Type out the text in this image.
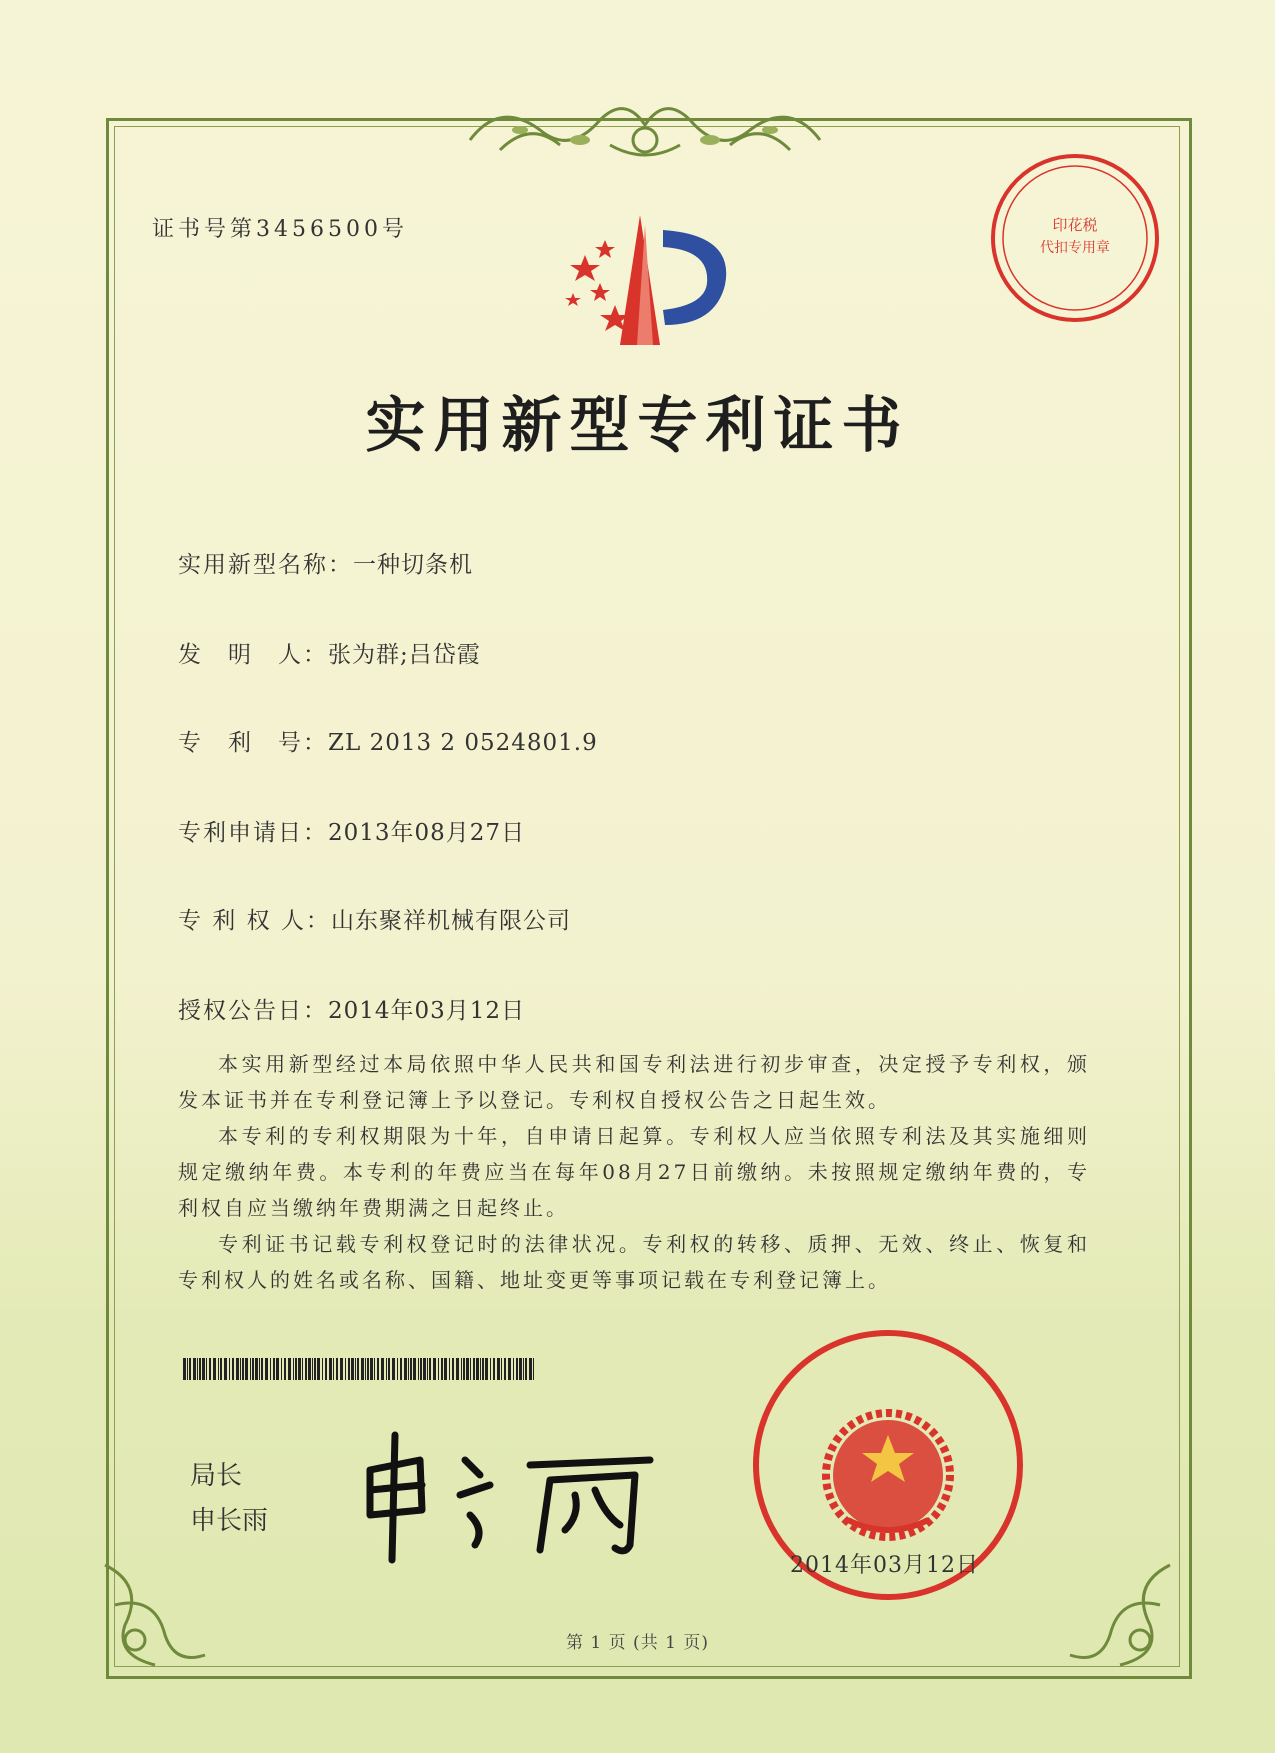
证书号第3456500号	印花税
代扣专用章
实用新型专利证书
实用新型名称：一种切条机
发　明　人：张为群;吕岱霞
专　利　号：ZL 2013 2 0524801.9
专利申请日：2013年08月27日
专 利 权 人：山东聚祥机械有限公司
授权公告日：2014年03月12日

本实用新型经过本局依照中华人民共和国专利法进行初步审查，决定授予专利权，颁发本证书并在专利登记簿上予以登记。专利权自授权公告之日起生效。

本专利的专利权期限为十年，自申请日起算。专利权人应当依照专利法及其实施细则规定缴纳年费。本专利的年费应当在每年08月27日前缴纳。未按照规定缴纳年费的，专利权自应当缴纳年费期满之日起终止。

专利证书记载专利权登记时的法律状况。专利权的转移、质押、无效、终止、恢复和专利权人的姓名或名称、国籍、地址变更等事项记载在专利登记簿上。

局长
申长雨
2014年03月12日
第 1 页 (共 1 页)
